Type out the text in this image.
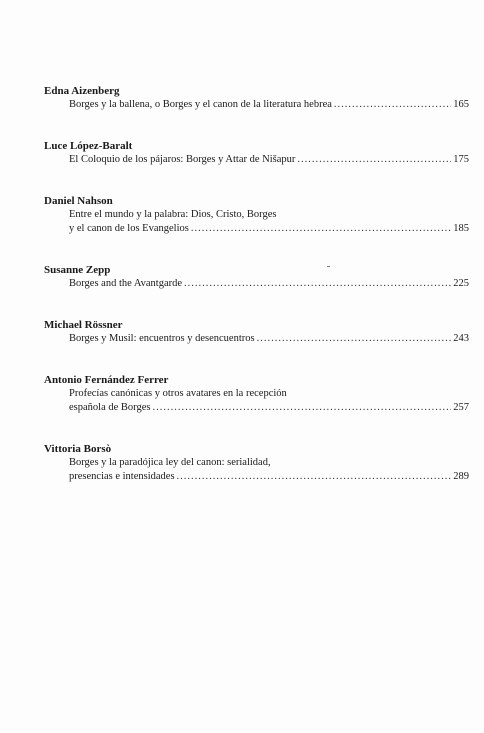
Edna Aizenberg
Borges y la ballena, o Borges y el canon de la literatura hebrea .....	165
Luce López-Baralt
El Coloquio de los pájaros: Borges y Attar de Nišapur .....	175
Daniel Nahson
Entre el mundo y la palabra: Dios, Cristo, Borges
y el canon de los Evangelios .....	185
Susanne Zepp
Borges and the Avantgarde .....	225
Michael Rössner
Borges y Musil: encuentros y desencuentros .....	243
Antonio Fernández Ferrer
Profecías canónicas y otros avatares en la recepción
española de Borges .....	257
Vittoria Borsò
Borges y la paradójica ley del canon: serialidad,
presencias e intensidades .....	289
